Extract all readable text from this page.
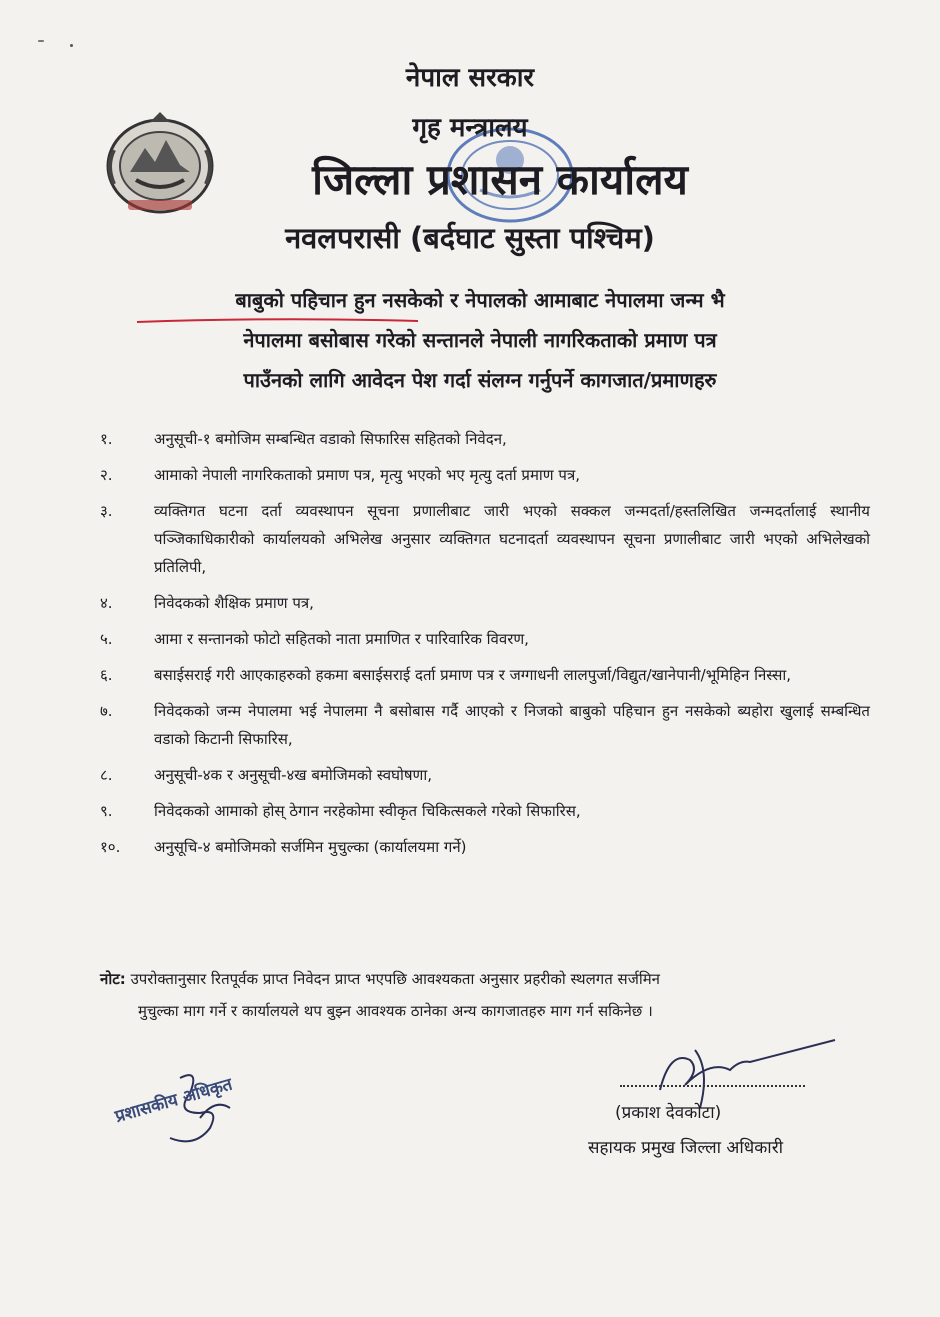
नेपाल सरकार
गृह मन्त्रालय
जिल्ला प्रशासन कार्यालय
नवलपरासी (बर्दघाट सुस्ता पश्चिम)
बाबुको पहिचान हुन नसकेको र नेपालको आमाबाट नेपालमा जन्म भै
नेपालमा बसोबास गरेको सन्तानले नेपाली नागरिकताको प्रमाण पत्र
पाउँनको लागि आवेदन पेश गर्दा संलग्न गर्नुपर्ने कागजात/प्रमाणहरु
१.	अनुसूची-१ बमोजिम सम्बन्धित वडाको सिफारिस सहितको निवेदन,
२.	आमाको नेपाली नागरिकताको प्रमाण पत्र, मृत्यु भएको भए मृत्यु दर्ता प्रमाण पत्र,
३.	व्यक्तिगत घटना दर्ता व्यवस्थापन सूचना प्रणालीबाट जारी भएको सक्कल जन्मदर्ता/हस्तलिखित जन्मदर्तालाई स्थानीय पञ्जिकाधिकारीको कार्यालयको अभिलेख अनुसार व्यक्तिगत घटनादर्ता व्यवस्थापन सूचना प्रणालीबाट जारी भएको अभिलेखको प्रतिलिपी,
४.	निवेदकको शैक्षिक प्रमाण पत्र,
५.	आमा र सन्तानको फोटो सहितको नाता प्रमाणित र पारिवारिक विवरण,
६.	बसाईसराई गरी आएकाहरुको हकमा बसाईसराई दर्ता प्रमाण पत्र र जग्गाधनी लालपुर्जा/विद्युत/खानेपानी/भूमिहिन निस्सा,
७.	निवेदकको जन्म नेपालमा भई नेपालमा नै बसोबास गर्दै आएको र निजको बाबुको पहिचान हुन नसकेको ब्यहोरा खुलाई सम्बन्धित वडाको किटानी सिफारिस,
८.	अनुसूची-४क र अनुसूची-४ख बमोजिमको स्वघोषणा,
९.	निवेदकको आमाको होस् ठेगान नरहेकोमा स्वीकृत चिकित्सकले गरेको सिफारिस,
१०.	अनुसूचि-४ बमोजिमको सर्जमिन मुचुल्का (कार्यालयमा गर्ने)
नोट: उपरोक्तानुसार रितपूर्वक प्राप्त निवेदन प्राप्त भएपछि आवश्यकता अनुसार प्रहरीको स्थलगत सर्जमिन
मुचुल्का माग गर्ने र कार्यालयले थप बुझ्न आवश्यक ठानेका अन्य कागजातहरु माग गर्न सकिनेछ ।
(प्रकाश देवकोटा)
सहायक प्रमुख जिल्ला अधिकारी
प्रशासकीय अधिकृत
